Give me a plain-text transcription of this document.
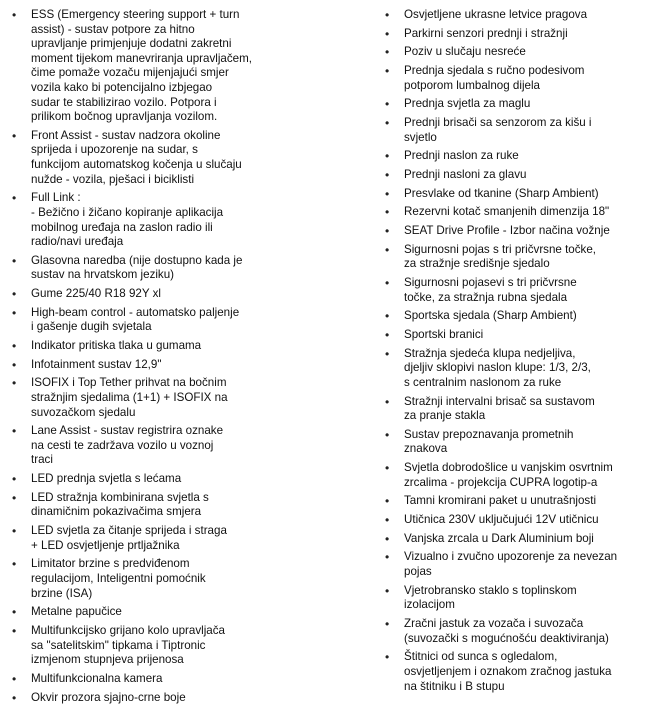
• ESS (Emergency steering support + turn
assist) - sustav potpore za hitno
upravljanje primjenjuje dodatni zakretni
moment tijekom manevriranja upravljačem,
čime pomaže vozaču mijenjajući smjer
vozila kako bi potencijalno izbjegao
sudar te stabilizirao vozilo. Potpora i
prilikom bočnog upravljanja vozilom.
• Front Assist - sustav nadzora okoline
sprijeda i upozorenje na sudar, s
funkcijom automatskog kočenja u slučaju
nužde - vozila, pješaci i biciklisti
• Full Link :
- Bežično i žičano kopiranje aplikacija
mobilnog uređaja na zaslon radio ili
radio/navi uređaja
• Glasovna naredba (nije dostupno kada je
sustav na hrvatskom jeziku)
• Gume 225/40 R18 92Y xl
• High-beam control - automatsko paljenje
i gašenje dugih svjetala
• Indikator pritiska tlaka u gumama
• Infotainment sustav 12,9"
• ISOFIX i Top Tether prihvat na bočnim
stražnjim sjedalima (1+1) + ISOFIX na
suvozačkom sjedalu
• Lane Assist - sustav registrira oznake
na cesti te zadržava vozilo u voznoj
traci
• LED prednja svjetla s lećama
• LED stražnja kombinirana svjetla s
dinamičnim pokazivačima smjera
• LED svjetla za čitanje sprijeda i straga
+ LED osvjetljenje prtljažnika
• Limitator brzine s predviđenom
regulacijom, Inteligentni pomoćnik
brzine (ISA)
• Metalne papučice
• Multifunkcijsko grijano kolo upravljača
sa "satelitskim" tipkama i Tiptronic
izmjenom stupnjeva prijenosa
• Multifunkcionalna kamera
• Okvir prozora sjajno-crne boje
• Osvjetljene ukrasne letvice pragova
• Parkirni senzori prednji i stražnji
• Poziv u slučaju nesreće
• Prednja sjedala s ručno podesivom
potporom lumbalnog dijela
• Prednja svjetla za maglu
• Prednji brisači sa senzorom za kišu i
svjetlo
• Prednji naslon za ruke
• Prednji nasloni za glavu
• Presvlake od tkanine (Sharp Ambient)
• Rezervni kotač smanjenih dimenzija 18"
• SEAT Drive Profile - Izbor načina vožnje
• Sigurnosni pojas s tri pričvrsne točke,
za stražnje središnje sjedalo
• Sigurnosni pojasevi s tri pričvrsne
točke, za stražnja rubna sjedala
• Sportska sjedala (Sharp Ambient)
• Sportski branici
• Stražnja sjedeća klupa nedjeljiva,
djeljiv sklopivi naslon klupe: 1/3, 2/3,
s centralnim naslonom za ruke
• Stražnji intervalni brisač sa sustavom
za pranje stakla
• Sustav prepoznavanja prometnih
znakova
• Svjetla dobrodošlice u vanjskim osvrtnim
zrcalima - projekcija CUPRA logotip-a
• Tamni kromirani paket u unutrašnjosti
• Utičnica 230V uključujući 12V utičnicu
• Vanjska zrcala u Dark Aluminium boji
• Vizualno i zvučno upozorenje za nevezan
pojas
• Vjetrobransko staklo s toplinskom
izolacijom
• Zračni jastuk za vozača i suvozača
(suvozački s mogućnošću deaktiviranja)
• Štitnici od sunca s ogledalom,
osvjetljenjem i oznakom zračnog jastuka
na štitniku i B stupu
